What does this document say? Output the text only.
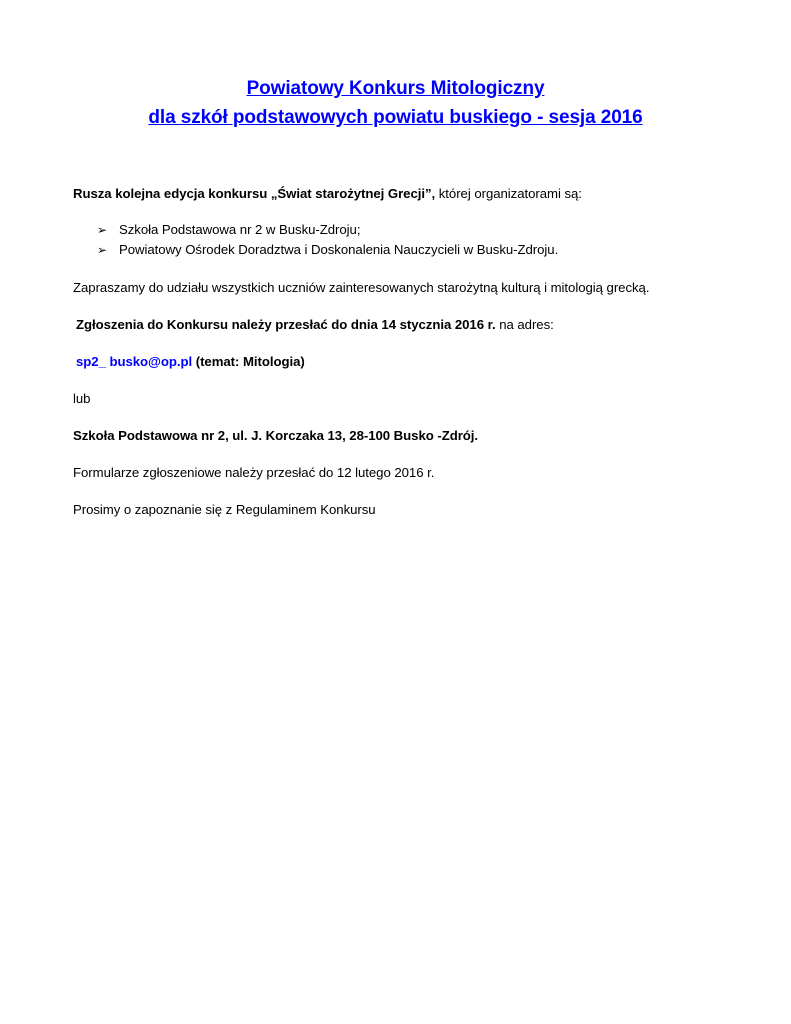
Powiatowy Konkurs Mitologiczny
dla szkół podstawowych powiatu buskiego - sesja 2016
Rusza kolejna edycja konkursu „Świat starożytnej Grecji”, której organizatorami są:
➢ Szkoła Podstawowa nr 2 w Busku-Zdroju;
➢ Powiatowy Ośrodek Doradztwa i Doskonalenia Nauczycieli w Busku-Zdroju.
Zapraszamy do udziału wszystkich uczniów zainteresowanych starożytną kulturą i mitologią grecką.
Zgłoszenia do Konkursu należy przesłać do dnia 14 stycznia 2016 r. na adres:
sp2_ busko@op.pl (temat: Mitologia)
lub
Szkoła Podstawowa nr 2, ul. J. Korczaka 13, 28-100 Busko -Zdrój.
Formularze zgłoszeniowe należy przesłać do 12 lutego 2016 r.
Prosimy o zapoznanie się z Regulaminem Konkursu
